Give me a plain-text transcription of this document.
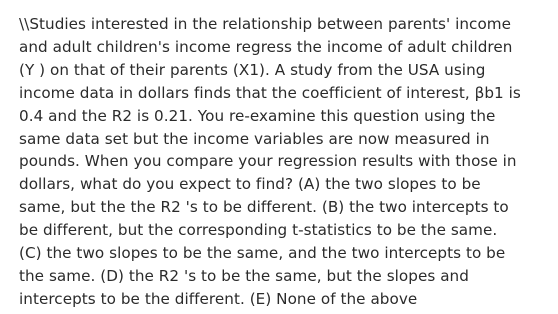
\\Studies interested in the relationship between parents' income
and adult children's income regress the income of adult children
(Y ) on that of their parents (X1). A study from the USA using
income data in dollars finds that the coefficient of interest, βb1 is
0.4 and the R2 is 0.21. You re-examine this question using the
same data set but the income variables are now measured in
pounds. When you compare your regression results with those in
dollars, what do you expect to find? (A) the two slopes to be
same, but the the R2 's to be different. (B) the two intercepts to
be different, but the corresponding t-statistics to be the same.
(C) the two slopes to be the same, and the two intercepts to be
the same. (D) the R2 's to be the same, but the slopes and
intercepts to be the different. (E) None of the above
